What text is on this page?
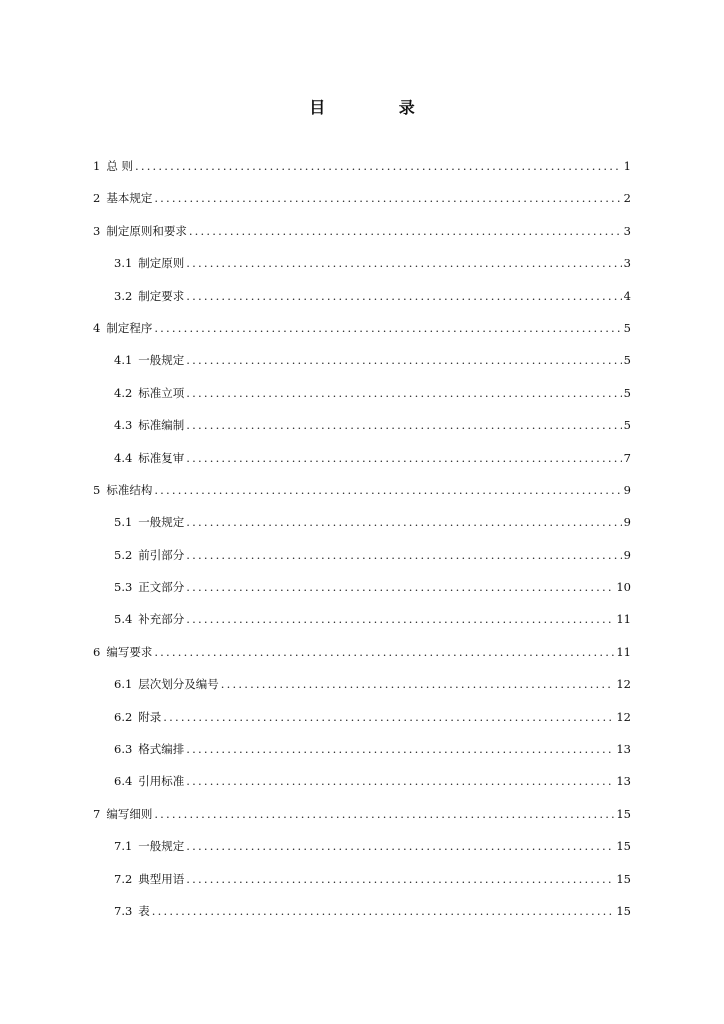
目 录
1 总 则 .....	1
2 基本规定 .....	2
3 制定原则和要求 .....	3
3.1 制定原则 .....	3
3.2 制定要求 .....	4
4 制定程序 .....	5
4.1 一般规定 .....	5
4.2 标准立项 .....	5
4.3 标准编制 .....	5
4.4 标准复审 .....	7
5 标准结构 .....	9
5.1 一般规定 .....	9
5.2 前引部分 .....	9
5.3 正文部分 .....	10
5.4 补充部分 .....	11
6 编写要求 .....	11
6.1 层次划分及编号 .....	12
6.2 附录 .....	12
6.3 格式编排 .....	13
6.4 引用标准 .....	13
7 编写细则 .....	15
7.1 一般规定 .....	15
7.2 典型用语 .....	15
7.3 表 .....	15
